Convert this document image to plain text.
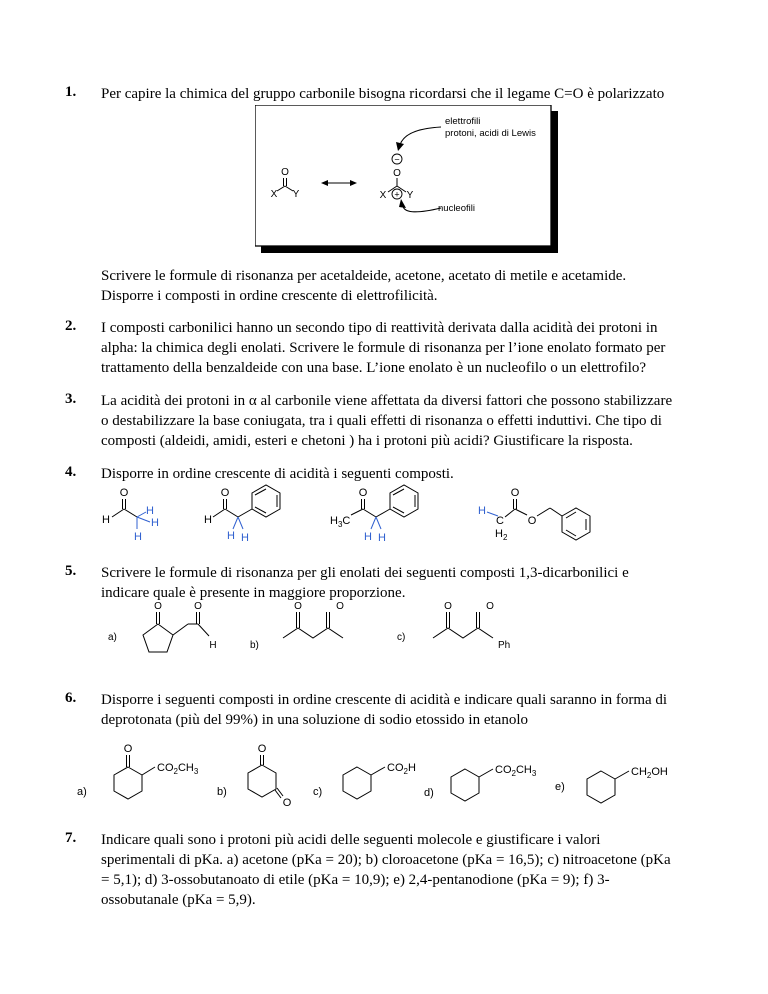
1. Per capire la chimica del gruppo carbonile bisogna ricordarsi che il legame C=O è polarizzato
O
X Y
−
O
+
X Y
elettrofili
protoni, acidi di Lewis
nucleofili
Scrivere le formule di risonanza per acetaldeide, acetone, acetato di metile e acetamide.
Disporre i composti in ordine crescente di elettrofilicità.
2. I composti carbonilici hanno un secondo tipo di reattività derivata dalla acidità dei protoni in
alpha: la chimica degli enolati. Scrivere le formule di risonanza per l’ione enolato formato per
trattamento della benzaldeide con una base. L’ione enolato è un nucleofilo o un elettrofilo?
3. La acidità dei protoni in α al carbonile viene affettata da diversi fattori che possono stabilizzare
o destabilizzare la base coniugata, tra i quali effetti di risonanza o effetti induttivi. Che tipo di
composti (aldeidi, amidi, esteri e chetoni ) ha i protoni più acidi? Giustificare la risposta.
4. Disporre in ordine crescente di acidità i seguenti composti.
O
H
H
H
H
O
H
H H
O
$H_3C$
H H
H
C
$H_2$
O
O
5. Scrivere le formule di risonanza per gli enolati dei seguenti composti 1,3-dicarbonilici e
indicare quale è presente in maggiore proporzione.
a)
O	O
H	b)
O	O
c)
O	O
Ph
6. Disporre i seguenti composti in ordine crescente di acidità e indicare quali saranno in forma di
deprotonata (più del 99%) in una soluzione di sodio etossido in etanolo
a)
O
$CO_2CH_3$
b)
O
O
c)
$CO_2H$
d)
$CO_2CH_3$
e)
$CH_2OH$
7. Indicare quali sono i protoni più acidi delle seguenti molecole e giustificare i valori
sperimentali di pKa. a) acetone (pKa = 20); b) cloroacetone (pKa = 16,5); c) nitroacetone (pKa
= 5,1); d) 3-ossobutanoato di etile (pKa = 10,9); e) 2,4-pentanodione (pKa = 9); f) 3-
ossobutanale (pKa = 5,9).
